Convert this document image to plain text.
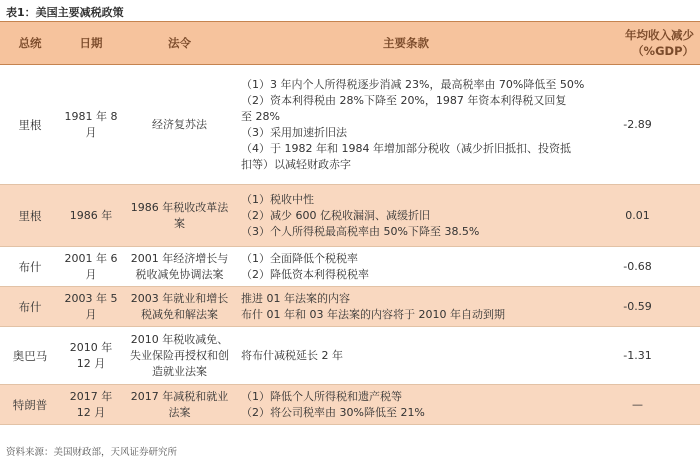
表1：美国主要减税政策
总统	日期	法令	主要条款	年均收入减少（%GDP）
里根	1981 年 8 月	经济复苏法	（1）3 年内个人所得税逐步消减 23%，最高税率由 70%降低至 50%
（2）资本利得税由 28%下降至 20%，1987 年资本利得税又回复至 28%
（3）采用加速折旧法
（4）于 1982 年和 1984 年增加部分税收（减少折旧抵扣、投资抵扣等）以减轻财政赤字	-2.89
里根	1986 年	1986 年税收改革法案	（1）税收中性
（2）减少 600 亿税收漏洞、减缓折旧
（3）个人所得税最高税率由 50%下降至 38.5%	0.01
布什	2001 年 6 月	2001 年经济增长与税收减免协调法案	（1）全面降低个税税率
（2）降低资本利得税税率	-0.68
布什	2003 年 5 月	2003 年就业和增长税减免和解法案	推进 01 年法案的内容
布什 01 年和 03 年法案的内容将于 2010 年自动到期	-0.59
奥巴马	2010 年 12 月	2010 年税收减免、失业保险再授权和创造就业法案	将布什减税延长 2 年	-1.31
特朗普	2017 年 12 月	2017 年减税和就业法案	（1）降低个人所得税和遗产税等
（2）将公司税率由 30%降低至 21%	—
资料来源：美国财政部，天风证券研究所
